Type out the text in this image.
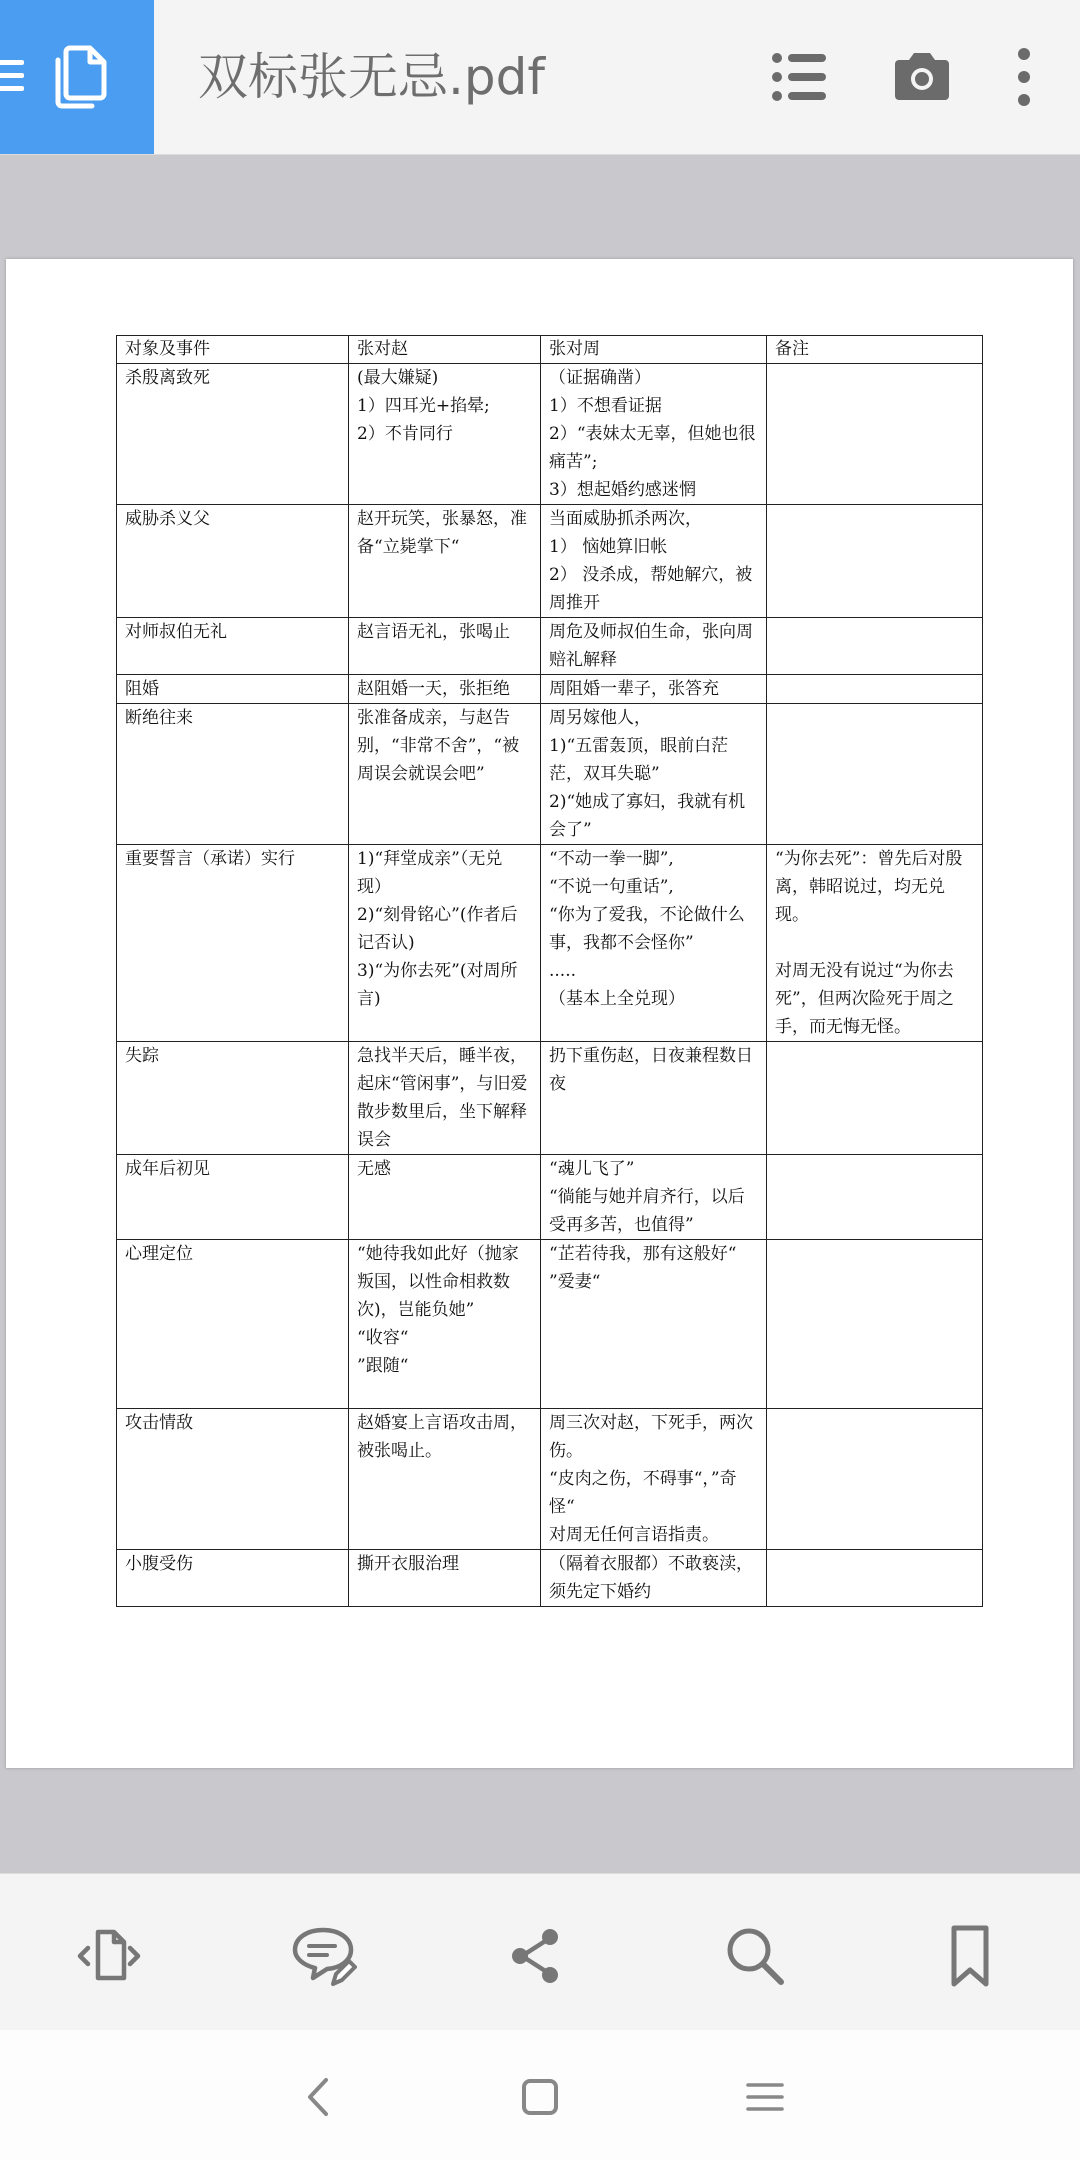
双标张无忌.pdf
对象及事件	张对赵	张对周	备注
杀殷离致死	(最大嫌疑)
1）四耳光+掐晕;
2）不肯同行	（证据确凿）
1）不想看证据
2）“表妹太无辜，但她也很痛苦”;
3）想起婚约感迷惘	
威胁杀义父	赵开玩笑，张暴怒，准备“立毙掌下“	当面威胁抓杀两次，
1） 恼她算旧帐
2） 没杀成，帮她解穴，被周推开	
对师叔伯无礼	赵言语无礼，张喝止	周危及师叔伯生命，张向周赔礼解释	
阻婚	赵阻婚一天，张拒绝	周阻婚一辈子，张答充	
断绝往来	张准备成亲，与赵告别，“非常不舍”，“被周误会就误会吧”	周另嫁他人，
1)“五雷轰顶，眼前白茫茫，双耳失聪”
2)“她成了寡妇，我就有机会了”	
重要誓言（承诺）实行	1)“拜堂成亲”（无兑现）
2)“刻骨铭心”(作者后记否认)
3)“为你去死”(对周所言)	“不动一拳一脚”,
“不说一句重话”,
“你为了爱我，不论做什么事，我都不会怪你”
.....
（基本上全兑现）	“为你去死”：曾先后对殷离，韩昭说过，均无兑现。

对周无没有说过“为你去死”，但两次险死于周之手，而无悔无怪。
失踪	急找半天后，睡半夜，起床“管闲事”，与旧爱散步数里后，坐下解释误会	扔下重伤赵，日夜兼程数日夜	
成年后初见	无感	“魂儿飞了”
“徜能与她并肩齐行，以后受再多苦，也值得”	
心理定位	“她待我如此好（抛家叛国，以性命相救数次)，岂能负她”
“收容“
”跟随“	“芷若待我，那有这般好“
”爱妻“	
攻击情敌	赵婚宴上言语攻击周，被张喝止。	周三次对赵，下死手，两次伤。
“皮肉之伤，不碍事“，”奇怪“
对周无任何言语指责。	
小腹受伤	撕开衣服治理	（隔着衣服都）不敢亵渎，须先定下婚约	
